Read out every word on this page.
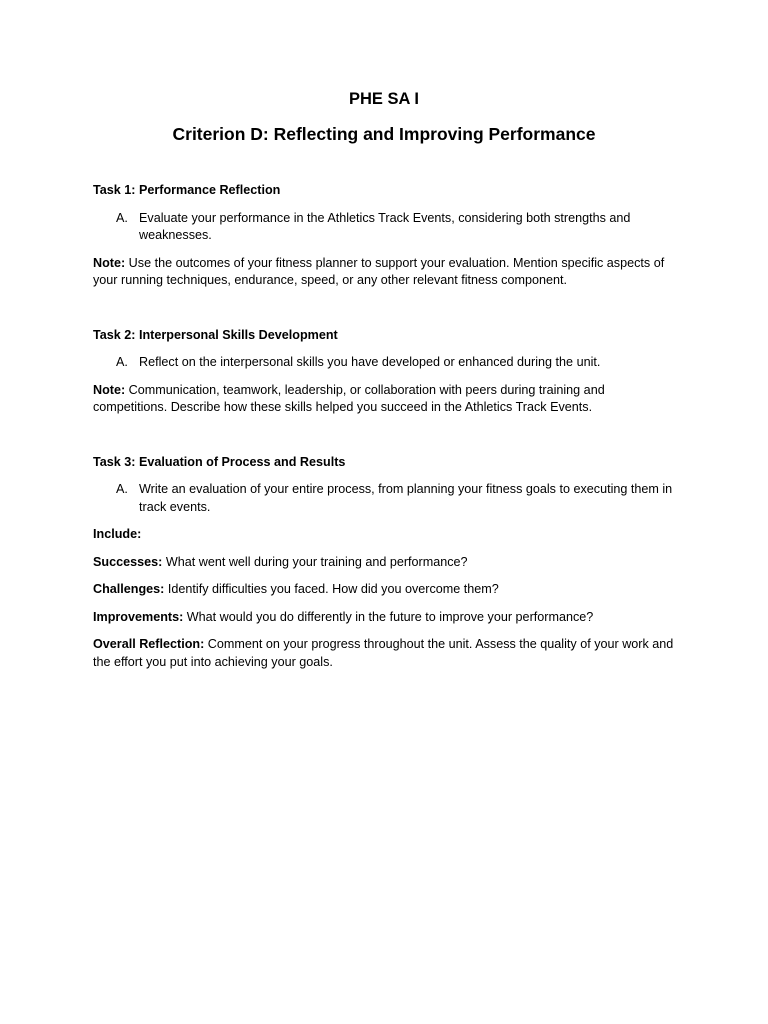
PHE SA I
Criterion D: Reflecting and Improving Performance
Task 1: Performance Reflection
A. Evaluate your performance in the Athletics Track Events, considering both strengths and weaknesses.
Note: Use the outcomes of your fitness planner to support your evaluation. Mention specific aspects of your running techniques, endurance, speed, or any other relevant fitness component.
Task 2: Interpersonal Skills Development
A. Reflect on the interpersonal skills you have developed or enhanced during the unit.
Note: Communication, teamwork, leadership, or collaboration with peers during training and competitions. Describe how these skills helped you succeed in the Athletics Track Events.
Task 3: Evaluation of Process and Results
A. Write an evaluation of your entire process, from planning your fitness goals to executing them in track events.
Include:
Successes: What went well during your training and performance?
Challenges: Identify difficulties you faced. How did you overcome them?
Improvements: What would you do differently in the future to improve your performance?
Overall Reflection: Comment on your progress throughout the unit. Assess the quality of your work and the effort you put into achieving your goals.
